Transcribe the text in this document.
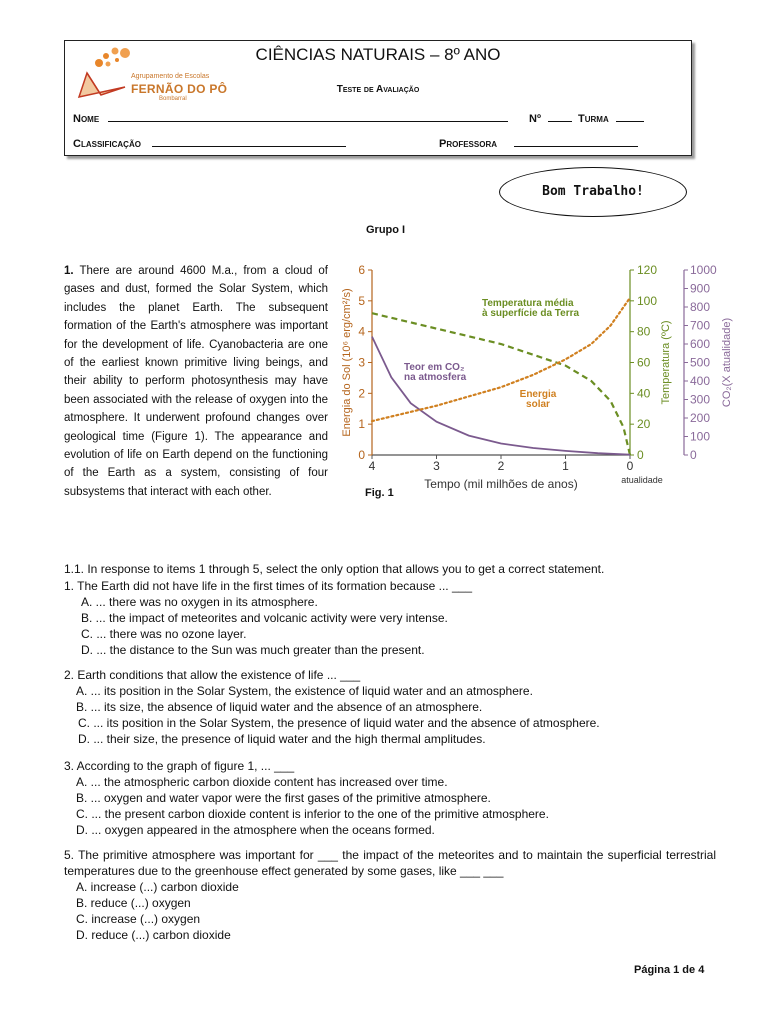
Agrupamento de Escolas
FERNÃO DO PÔ
Bombarral
CIÊNCIAS NATURAIS – 8º ANO
Teste de Avaliação
Nome	Nº	Turma
Classificação	Professora
Bom Trabalho!
Grupo I
1. There are around 4600 M.a., from a cloud of gases and dust, formed the Solar System, which includes the planet Earth. The subsequent formation of the Earth's atmosphere was important for the development of life. Cyanobacteria are one of the earliest known primitive living beings, and their ability to perform photosynthesis may have been associated with the release of oxygen into the atmosphere. It underwent profound changes over geological time (Figure 1). The appearance and evolution of life on Earth depend on the functioning of the Earth as a system, consisting of four subsystems that interact with each other.
4	3	2	1	0
Tempo (mil milhões de anos)	atualidade
0
1
2
3
4
5
6
Energia do Sol (10⁶ erg/cm²/s)
0
20
40
60
80
100
120
Temperatura (ºC)
0
100
200
300
400
500
600
700
800
900
1000
CO₂(X atualidade)
Temperatura média
à superfície da Terra
Teor em CO₂
na atmosfera
Energia
solar
Fig. 1
1.1. In response to items 1 through 5, select the only option that allows you to get a correct statement.
1. The Earth did not have life in the first times of its formation because ... ___
A. ... there was no oxygen in its atmosphere.
B. ... the impact of meteorites and volcanic activity were very intense.
C. ... there was no ozone layer.
D. ... the distance to the Sun was much greater than the present.
2. Earth conditions that allow the existence of life ... ___
A. ... its position in the Solar System, the existence of liquid water and an atmosphere.
B. ... its size, the absence of liquid water and the absence of an atmosphere.
C. ... its position in the Solar System, the presence of liquid water and the absence of atmosphere.
D. ... their size, the presence of liquid water and the high thermal amplitudes.
3. According to the graph of figure 1, ... ___
A. ... the atmospheric carbon dioxide content has increased over time.
B. ... oxygen and water vapor were the first gases of the primitive atmosphere.
C. ... the present carbon dioxide content is inferior to the one of the primitive atmosphere.
D. ... oxygen appeared in the atmosphere when the oceans formed.
5. The primitive atmosphere was important for ___ the impact of the meteorites and to maintain the superficial terrestrial temperatures due to the greenhouse effect generated by some gases, like ___ ___
A. increase (...) carbon dioxide
B. reduce (...) oxygen
C. increase (...) oxygen
D. reduce (...) carbon dioxide
Página 1 de 4
